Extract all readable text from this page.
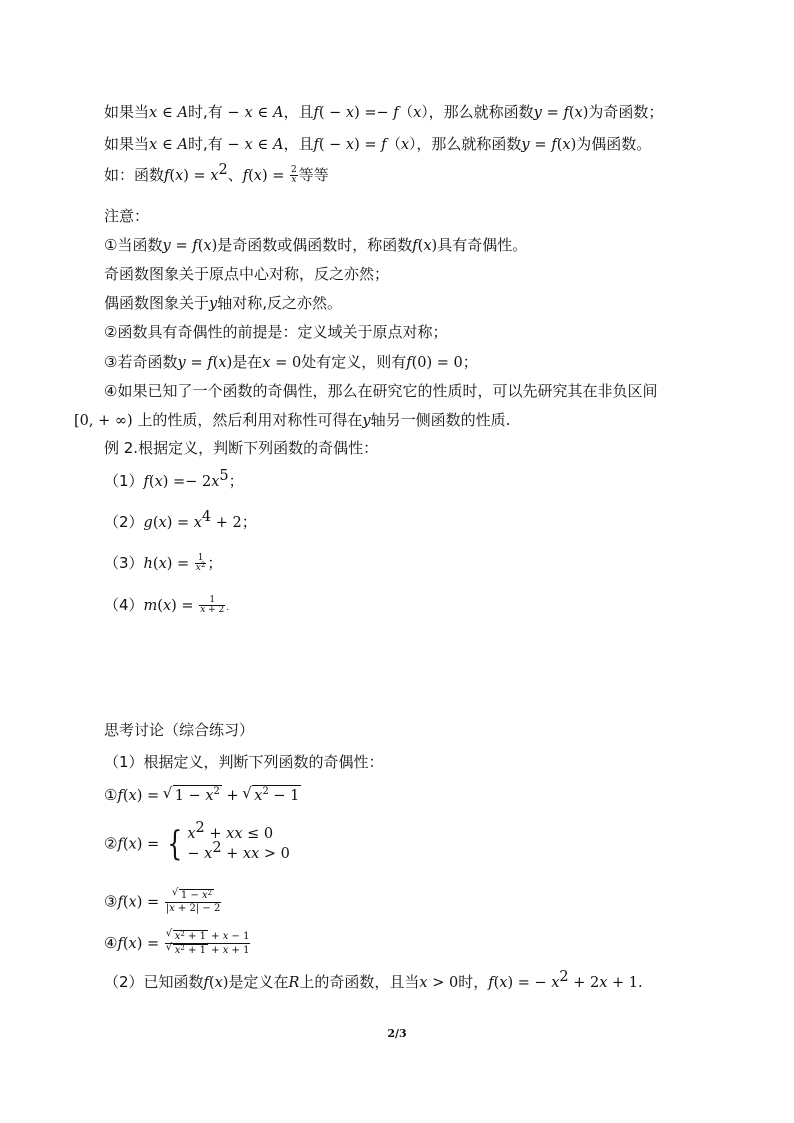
如果当x ∈ A时,有 − x ∈ A，且f( − x) =− f（x），那么就称函数y = f(x)为奇函数；
如果当x ∈ A时,有 − x ∈ A，且f( − x) = f（x），那么就称函数y = f(x)为偶函数。
如：函数$f(x) = x^2$、$f(x) = \frac{2}{x}$ 等等
注意：
①当函数y = f(x)是奇函数或偶函数时，称函数f(x)具有奇偶性。
奇函数图象关于原点中心对称，反之亦然；
偶函数图象关于y轴对称,反之亦然。
②函数具有奇偶性的前提是：定义域关于原点对称；
③若奇函数y = f(x)是在x = 0处有定义，则有f(0) = 0；
④如果已知了一个函数的奇偶性，那么在研究它的性质时，可以先研究其在非负区间
[0, + ∞) 上的性质，然后利用对称性可得在y轴另一侧函数的性质.
例 2.根据定义，判断下列函数的奇偶性：
$(1)f(x) =- 2x^5$；
$(2)g(x) = x^4 + 2$；
$(3)h(x) = \frac{1}{x^2}$ ；
$(4)m(x) = \frac{1}{x + 2}$ .
思考讨论（综合练习）
（1）根据定义，判断下列函数的奇偶性：
①f(x) = √ $1 - x^2$ + √ $x^2 - 1$
②f(x) = { $x^2$ + xx ≤ 0
− $x^2$ + xx > 0
③f(x) = √ $\frac{1 - x^2}{|x + 2| - 2}$
④f(x) = √ $x^2 + 1 + x - 1$
√ $x^2 + 1 + x + 1$
（2）已知函数f(x)是定义在R上的奇函数，且当x > 0时，f(x) = − $x^2 + 2x + 1$.
2/3
